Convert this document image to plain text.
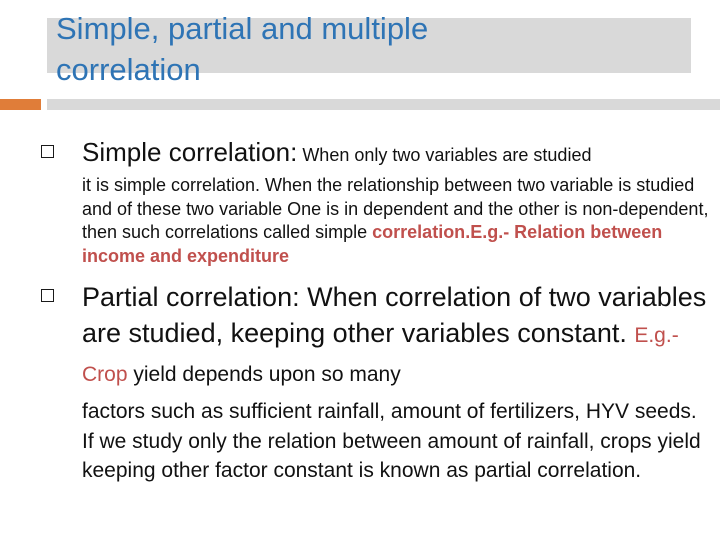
Simple, partial and multiple
correlation
Simple correlation: When only two variables are studied
it is simple correlation. When the relationship between two variable is studied and of these two variable One is in dependent and the other is non-dependent, then such correlations called simple correlation.E.g.- Relation between income and expenditure
Partial correlation: When correlation of two variables are studied, keeping other variables constant. E.g.-Crop yield depends upon so many
factors such as sufficient rainfall, amount of fertilizers, HYV seeds. If we study only the relation between amount of rainfall, crops yield keeping other factor constant is known as partial correlation.
